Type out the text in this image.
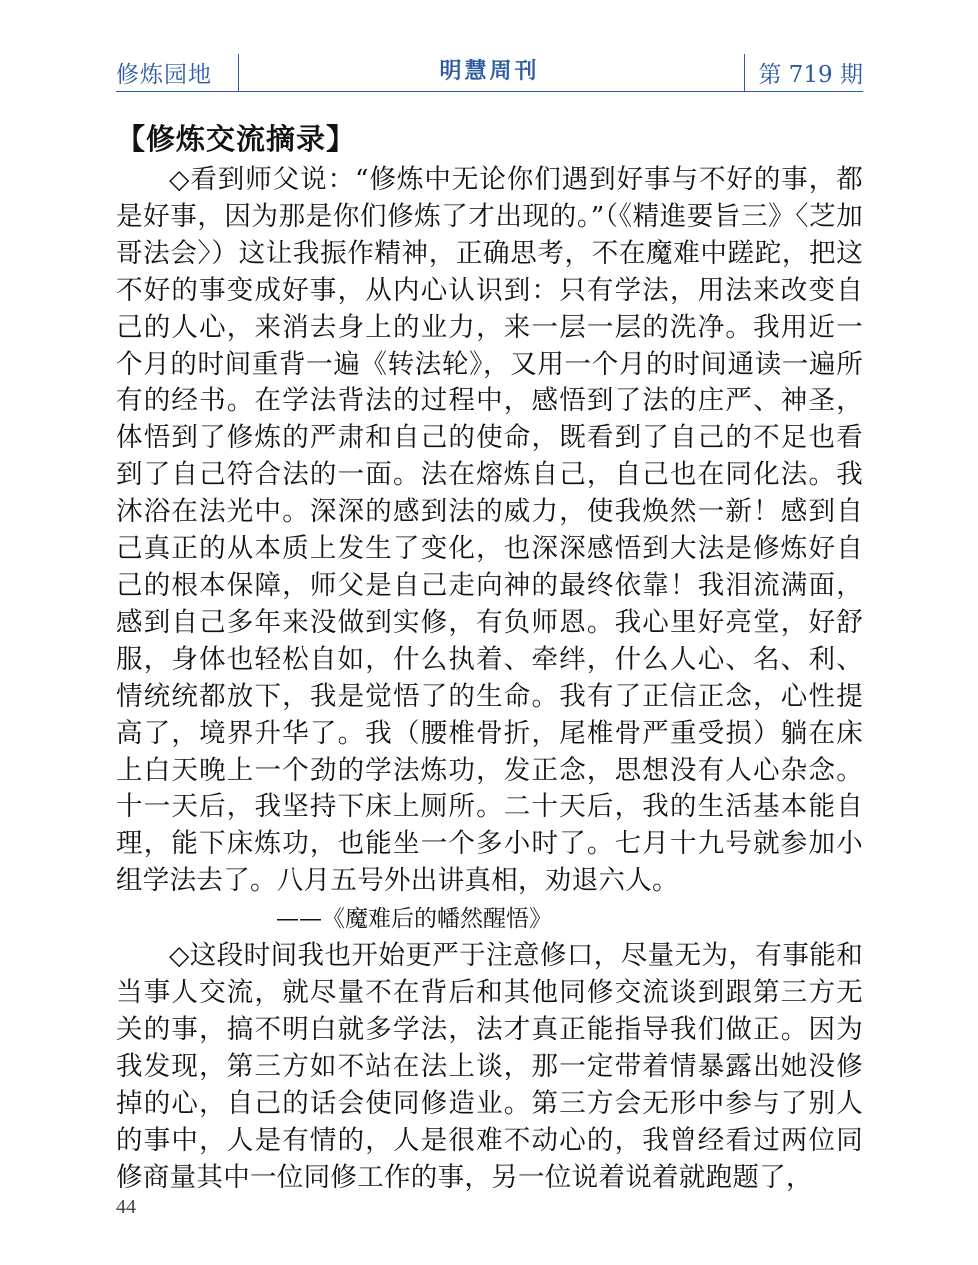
修炼园地	明慧周刊	第 719 期
【修炼交流摘录】

◇看到师父说：“修炼中无论你们遇到好事与不好的事，都是好事，因为那是你们修炼了才出现的。”（《精進要旨三》〈芝加哥法会〉）这让我振作精神，正确思考，不在魔难中蹉跎，把这不好的事变成好事，从内心认识到：只有学法，用法来改变自己的人心，来消去身上的业力，来一层一层的洗净。我用近一个月的时间重背一遍《转法轮》，又用一个月的时间通读一遍所有的经书。在学法背法的过程中，感悟到了法的庄严、神圣，体悟到了修炼的严肃和自己的使命，既看到了自己的不足也看到了自己符合法的一面。法在熔炼自己，自己也在同化法。我沐浴在法光中。深深的感到法的威力，使我焕然一新！感到自己真正的从本质上发生了变化，也深深感悟到大法是修炼好自己的根本保障，师父是自己走向神的最终依靠！我泪流满面，感到自己多年来没做到实修，有负师恩。我心里好亮堂，好舒服，身体也轻松自如，什么执着、牵绊，什么人心、名、利、情统统都放下，我是觉悟了的生命。我有了正信正念，心性提高了，境界升华了。我（腰椎骨折，尾椎骨严重受损）躺在床上白天晚上一个劲的学法炼功，发正念，思想没有人心杂念。十一天后，我坚持下床上厕所。二十天后，我的生活基本能自理，能下床炼功，也能坐一个多小时了。七月十九号就参加小组学法去了。八月五号外出讲真相，劝退六人。

——《魔难后的幡然醒悟》

◇这段时间我也开始更严于注意修口，尽量无为，有事能和当事人交流，就尽量不在背后和其他同修交流谈到跟第三方无关的事，搞不明白就多学法，法才真正能指导我们做正。因为我发现，第三方如不站在法上谈，那一定带着情暴露出她没修掉的心，自己的话会使同修造业。第三方会无形中参与了别人的事中，人是有情的，人是很难不动心的，我曾经看过两位同修商量其中一位同修工作的事，另一位说着说着就跑题了，

44
